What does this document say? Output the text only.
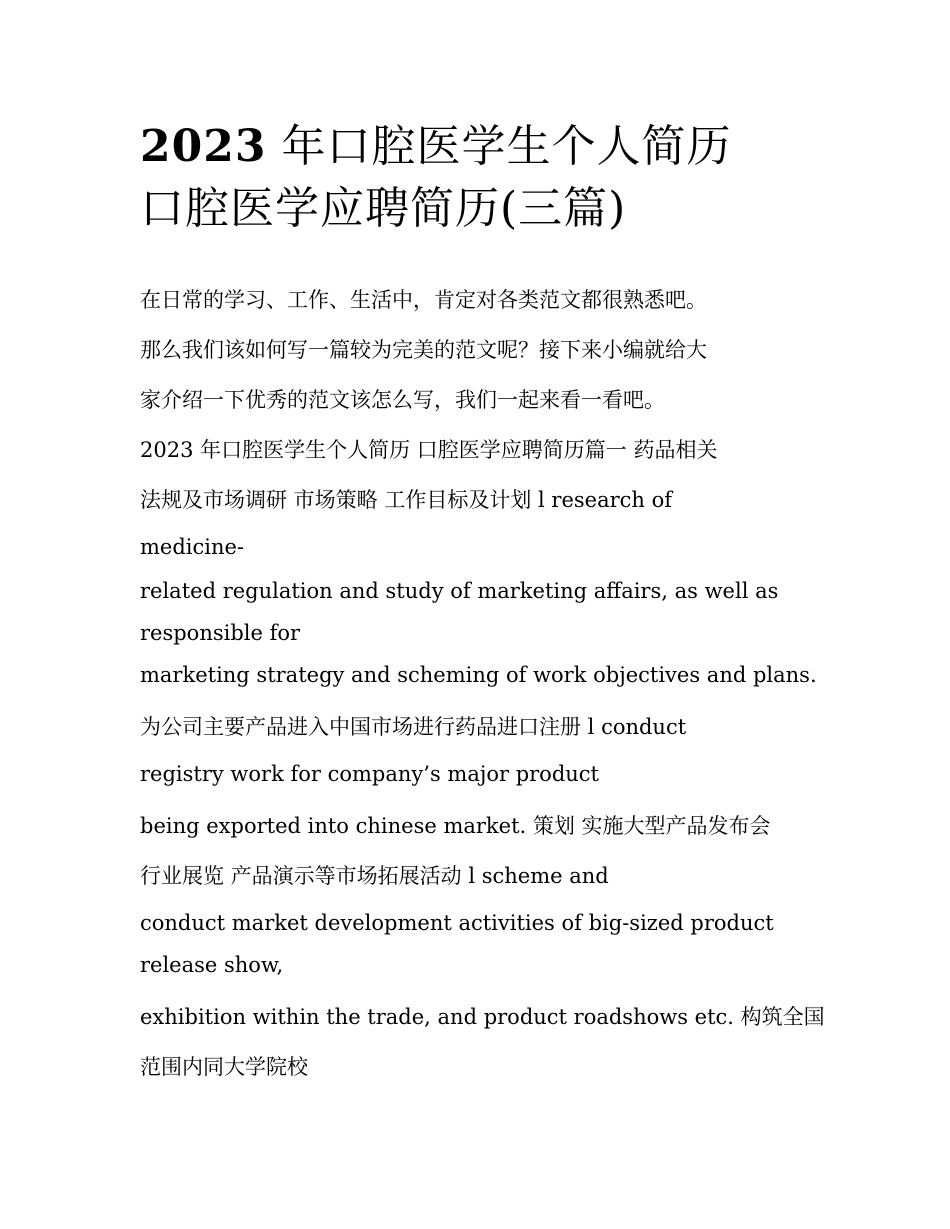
2023 年口腔医学生个人简历
口腔医学应聘简历(三篇)
在日常的学习、工作、生活中，肯定对各类范文都很熟悉吧。
那么我们该如何写一篇较为完美的范文呢？接下来小编就给大
家介绍一下优秀的范文该怎么写，我们一起来看一看吧。
2023 年口腔医学生个人简历 口腔医学应聘简历篇一 药品相关
法规及市场调研 市场策略 工作目标及计划 l research of
medicine-
related regulation and study of marketing affairs, as well as
responsible for
marketing strategy and scheming of work objectives and plans.
为公司主要产品进入中国市场进行药品进口注册 l conduct
registry work for company’s major product
being exported into chinese market. 策划 实施大型产品发布会
行业展览 产品演示等市场拓展活动 l scheme and
conduct market development activities of big-sized product
release show,
exhibition within the trade, and product roadshows etc. 构筑全国
范围内同大学院校
